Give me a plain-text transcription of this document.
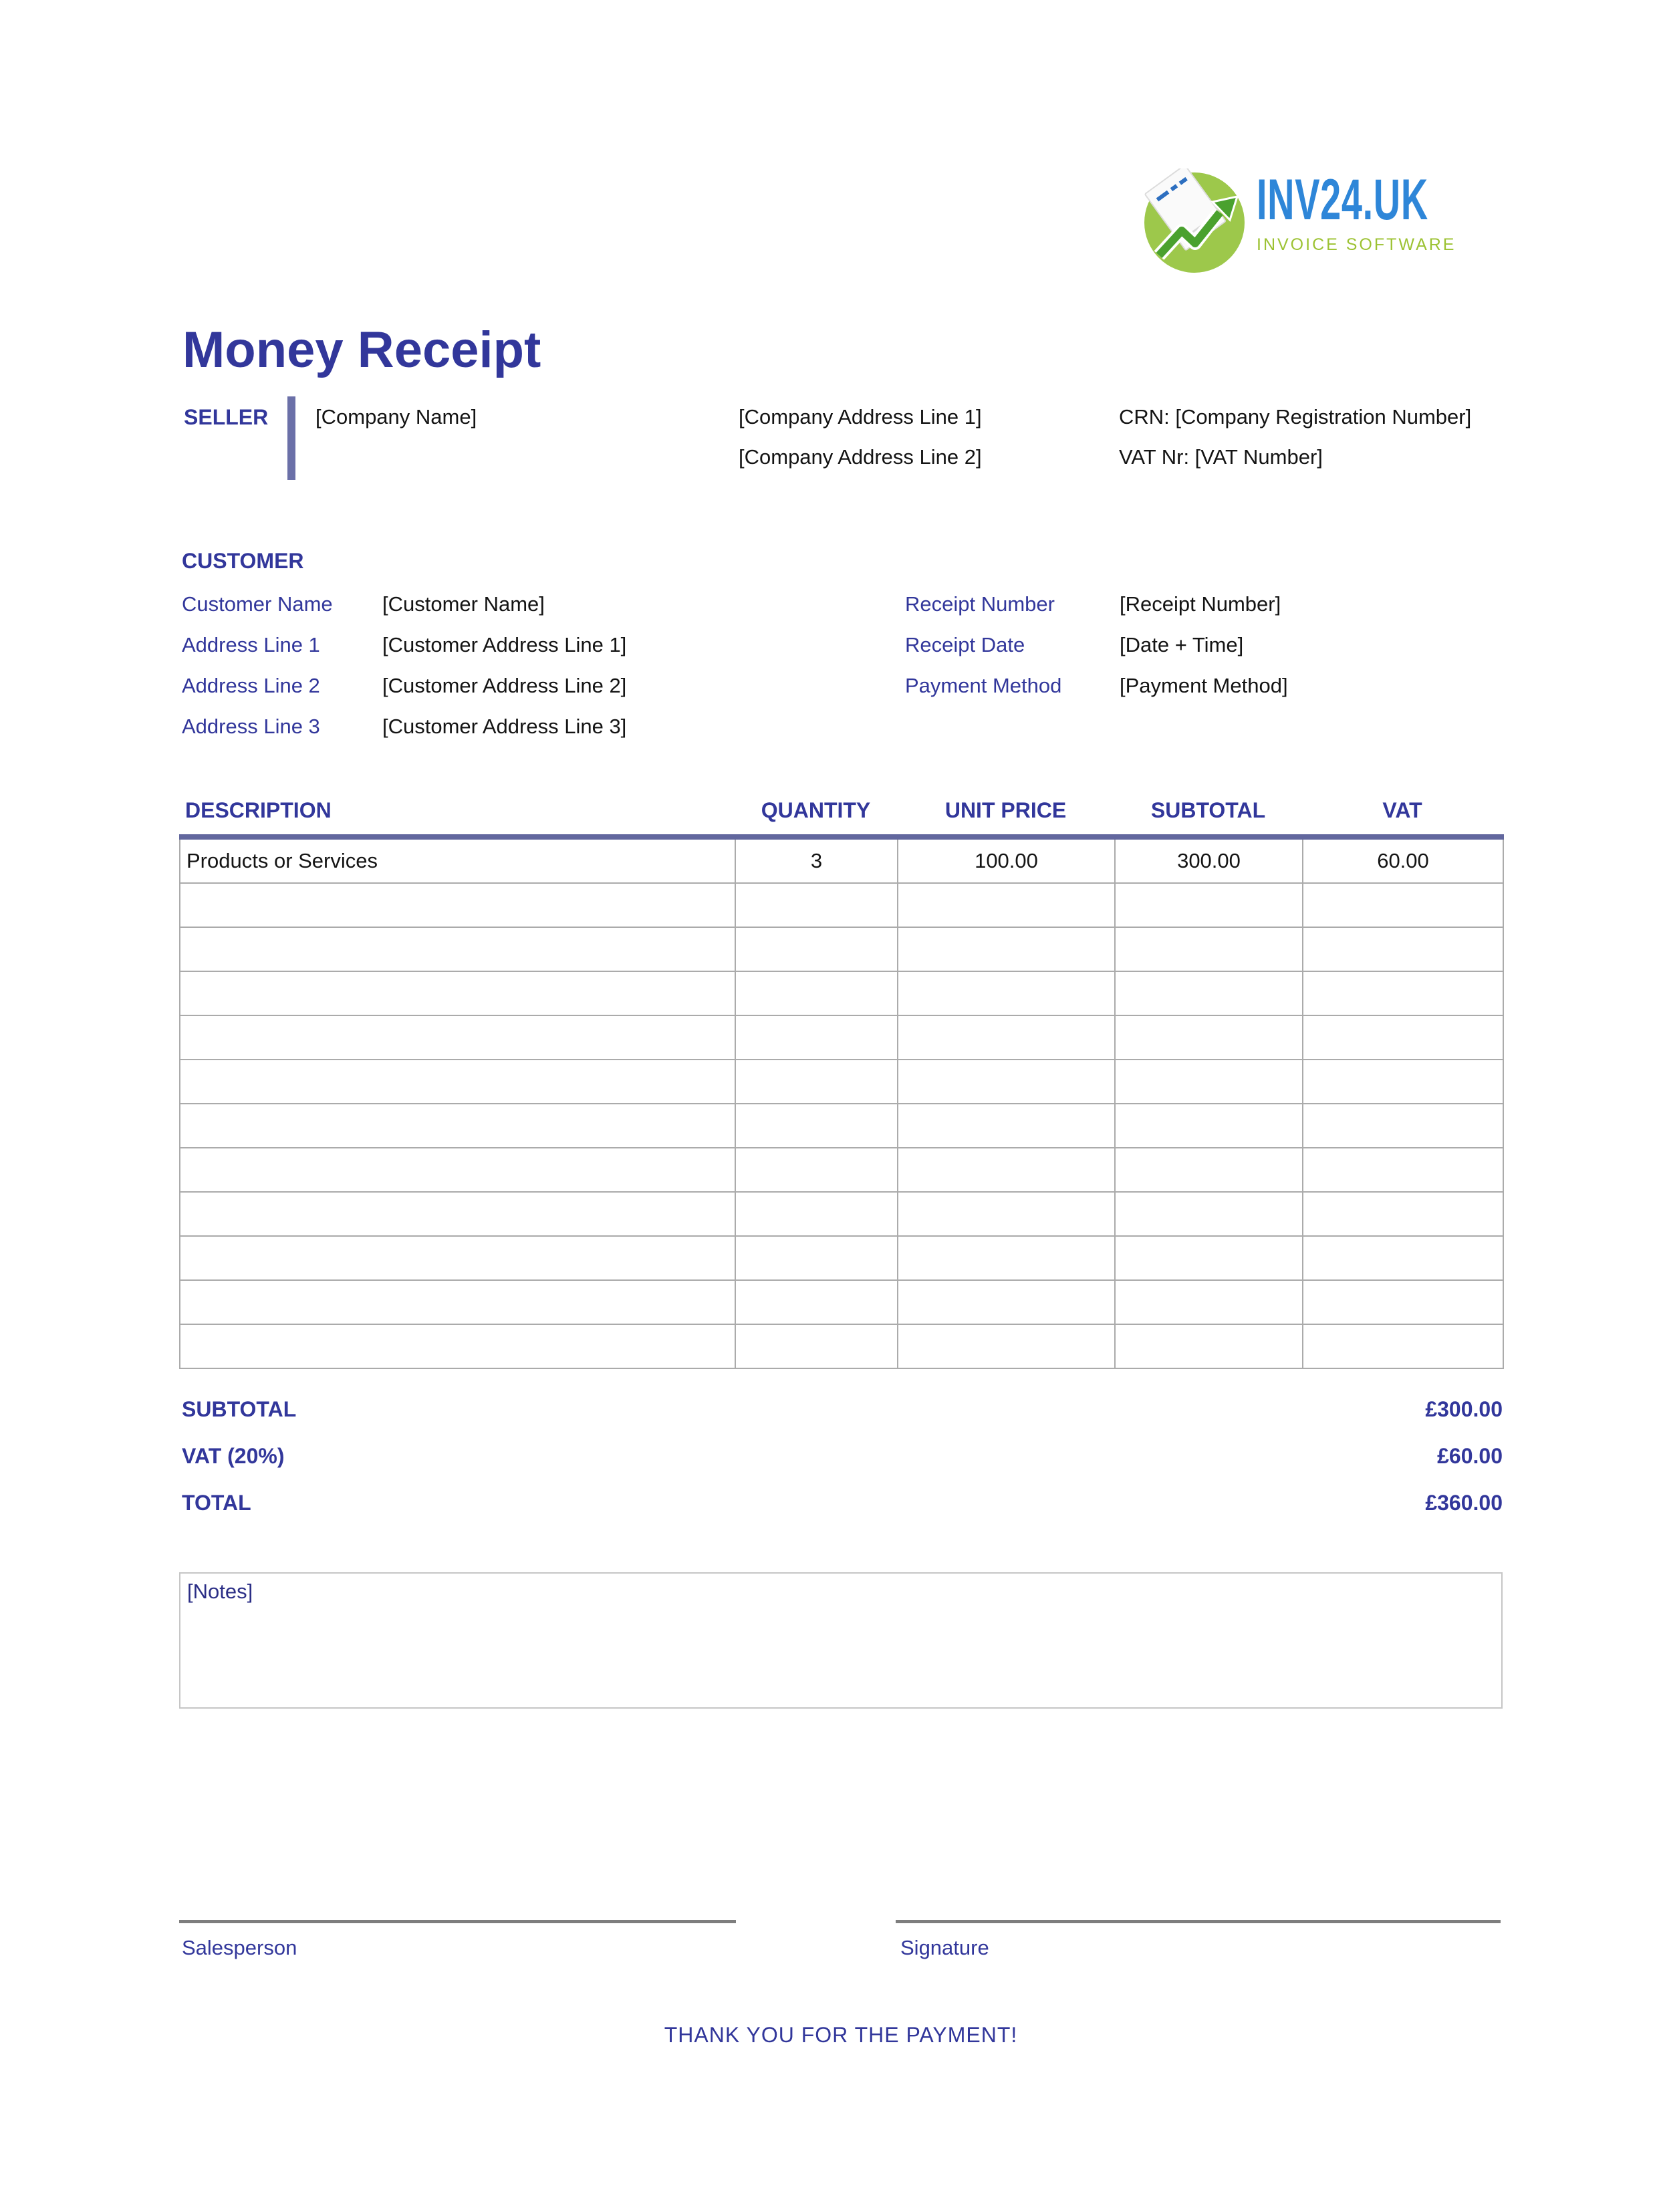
INV24.UK
INVOICE SOFTWARE
Money Receipt
SELLER [Company Name]	[Company Address Line 1]
[Company Address Line 2]
CRN: [Company Registration Number]
VAT Nr: [VAT Number]
CUSTOMER
Customer Name [Customer Name]
Address Line 1	[Customer Address Line 1]
Address Line 2	[Customer Address Line 2]
Address Line 3	[Customer Address Line 3]
Receipt Number	[Receipt Number]
Receipt Date	[Date + Time]
Payment Method	[Payment Method]
DESCRIPTION	QUANTITY	UNIT PRICE	SUBTOTAL	VAT
Products or Services	3	100.00	300.00	60.00

SUBTOTAL	£300.00
VAT (20%)	£60.00
TOTAL	£360.00
[Notes]
Salesperson	Signature
THANK YOU FOR THE PAYMENT!
